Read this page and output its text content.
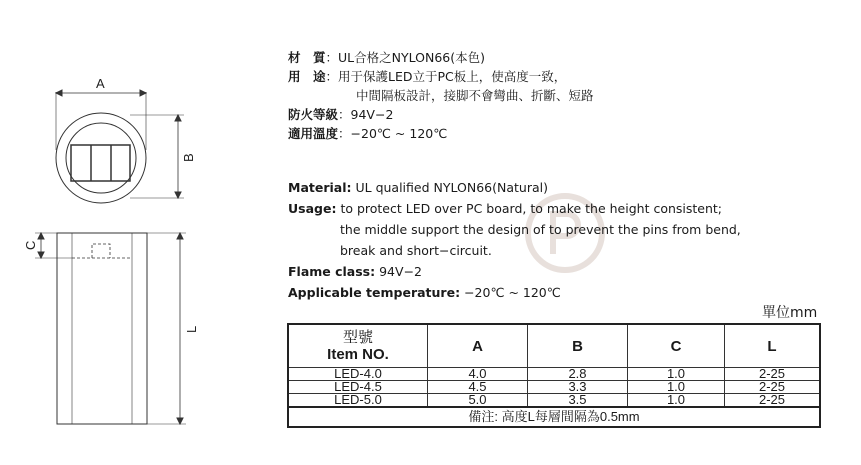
A
B
C
L
材　質：UL合格之NYLON66(本色)
用　途：用于保護LED立于PC板上，使高度一致，
中間隔板設計，接脚不會彎曲、折斷、短路
防火等級：94V−2
適用溫度：−20℃ ~ 120℃
Material: UL qualified NYLON66(Natural)
Usage: to protect LED over PC board, to make the height consistent;
the middle support the design of to prevent the pins from bend,
break and short−circuit.
Flame class: 94V−2
Applicable temperature: −20℃ ~ 120℃
單位mm
型號
Item NO.	A	B	C	L
LED-4.0	4.0	2.8	1.0	2-25
LED-4.5	4.5	3.3	1.0	2-25
LED-5.0	5.0	3.5	1.0	2-25
備注: 高度L每層間隔為0.5mm				
